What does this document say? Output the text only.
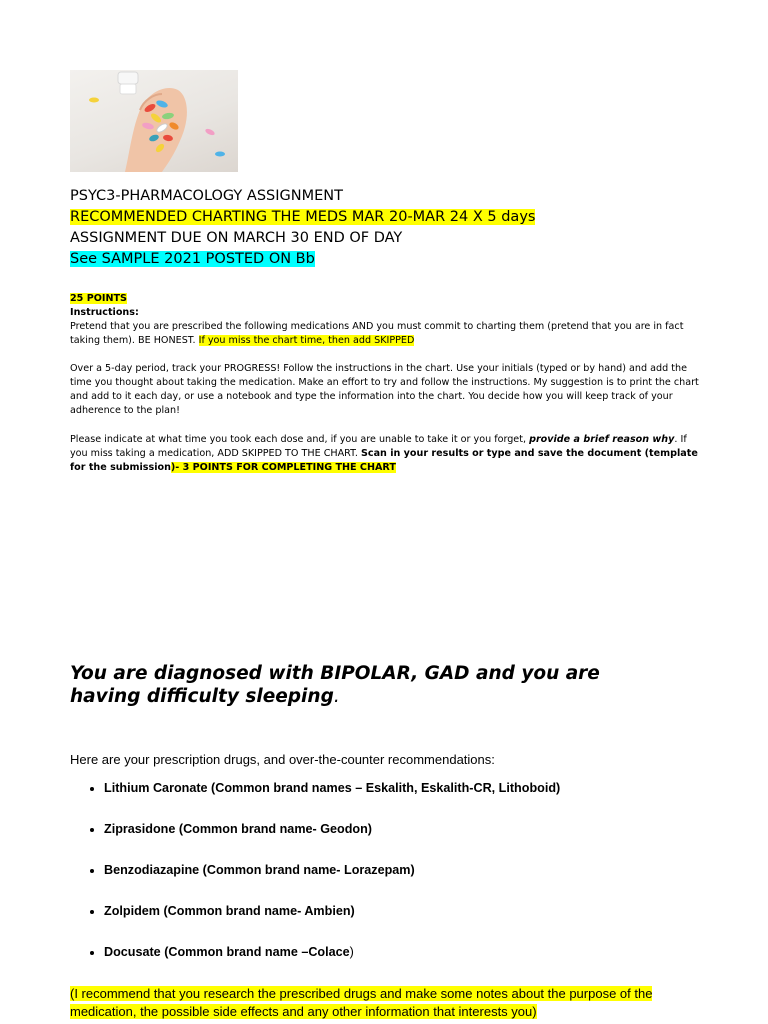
PSYC3-PHARMACOLOGY ASSIGNMENT
RECOMMENDED CHARTING THE MEDS MAR 20-MAR 24 X 5 days
ASSIGNMENT DUE ON MARCH 30 END OF DAY
See SAMPLE 2021 POSTED ON Bb
25 POINTS
Instructions:
Pretend that you are prescribed the following medications AND you must commit to charting them (pretend that you are in fact taking them). BE HONEST. If you miss the chart time, then add SKIPPED
Over a 5-day period, track your PROGRESS! Follow the instructions in the chart. Use your initials (typed or by hand) and add the time you thought about taking the medication. Make an effort to try and follow the instructions. My suggestion is to print the chart and add to it each day, or use a notebook and type the information into the chart. You decide how you will keep track of your adherence to the plan!
Please indicate at what time you took each dose and, if you are unable to take it or you forget, provide a brief reason why. If you miss taking a medication, ADD SKIPPED TO THE CHART. Scan in your results or type and save the document (template for the submission)- 3 POINTS FOR COMPLETING THE CHART
You are diagnosed with BIPOLAR, GAD and you are having difficulty sleeping.
Here are your prescription drugs, and over-the-counter recommendations:
• Lithium Caronate (Common brand names – Eskalith, Eskalith-CR, Lithoboid)
• Ziprasidone (Common brand name- Geodon)
• Benzodiazapine (Common brand name- Lorazepam)
• Zolpidem (Common brand name- Ambien)
• Docusate (Common brand name –Colace)
(I recommend that you research the prescribed drugs and make some notes about the purpose of the medication, the possible side effects and any other information that interests you)
